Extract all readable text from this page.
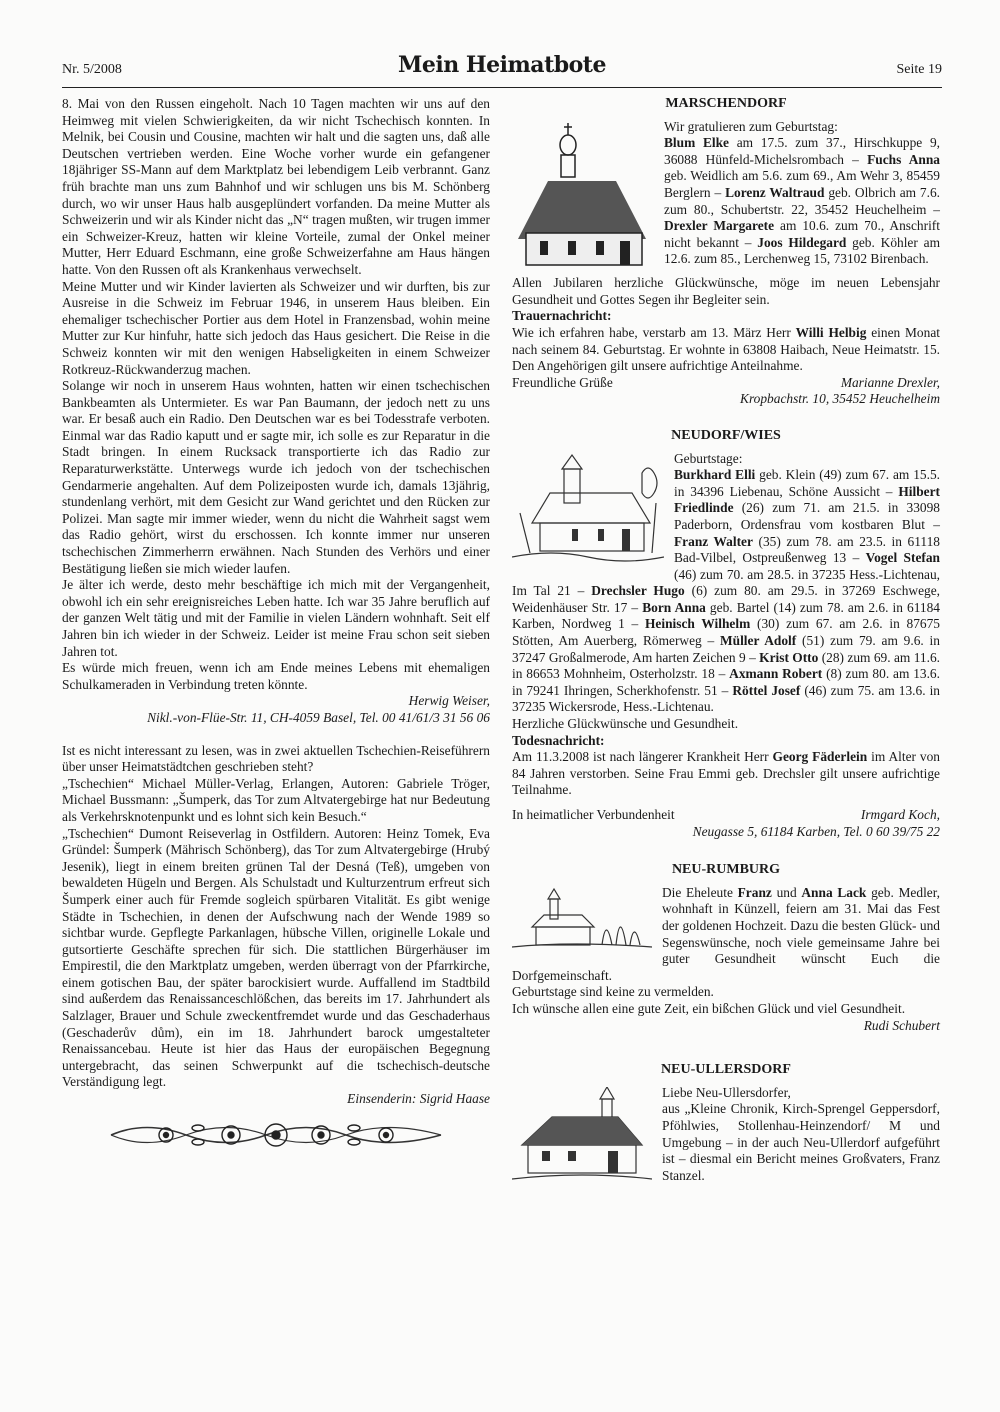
Nr. 5/2008	Mein Heimatbote	Seite 19

8. Mai von den Russen eingeholt. Nach 10 Tagen machten wir uns auf den Heimweg mit vielen Schwierigkeiten, da wir nicht Tschechisch konnten. In Melnik, bei Cousin und Cousine, machten wir halt und die sagten uns, daß alle Deutschen vertrieben werden. Eine Woche vorher wurde ein gefangener 18jähriger SS-Mann auf dem Marktplatz bei lebendigem Leib verbrannt. Ganz früh brachte man uns zum Bahnhof und wir schlugen uns bis M. Schönberg durch, wo wir unser Haus halb ausgeplündert vorfanden. Da meine Mutter als Schweizerin und wir als Kinder nicht das „N“ tragen mußten, wir trugen immer ein Schweizer-Kreuz, hatten wir kleine Vorteile, zumal der Onkel meiner Mutter, Herr Eduard Eschmann, eine große Schweizerfahne am Haus hängen hatte. Von den Russen oft als Krankenhaus verwechselt.

Meine Mutter und wir Kinder lavierten als Schweizer und wir durften, bis zur Ausreise in die Schweiz im Februar 1946, in unserem Haus bleiben. Ein ehemaliger tschechischer Portier aus dem Hotel in Franzensbad, wohin meine Mutter zur Kur hinfuhr, hatte sich jedoch das Haus gesichert. Die Reise in die Schweiz konnten wir mit den wenigen Habseligkeiten in einem Schweizer Rotkreuz-Rückwanderzug machen.

Solange wir noch in unserem Haus wohnten, hatten wir einen tschechischen Bankbeamten als Untermieter. Es war Pan Baumann, der jedoch nett zu uns war. Er besaß auch ein Radio. Den Deutschen war es bei Todesstrafe verboten. Einmal war das Radio kaputt und er sagte mir, ich solle es zur Reparatur in die Stadt bringen. In einem Rucksack transportierte ich das Radio zur Reparaturwerkstätte. Unterwegs wurde ich jedoch von der tschechischen Gendarmerie angehalten. Auf dem Polizeiposten wurde ich, damals 13jährig, stundenlang verhört, mit dem Gesicht zur Wand gerichtet und den Rücken zur Polizei. Man sagte mir immer wieder, wenn du nicht die Wahrheit sagst wem das Radio gehört, wirst du erschossen. Ich konnte immer nur unseren tschechischen Zimmerherrn erwähnen. Nach Stunden des Verhörs und einer Bestätigung ließen sie mich wieder laufen.

Je älter ich werde, desto mehr beschäftige ich mich mit der Vergangenheit, obwohl ich ein sehr ereignisreiches Leben hatte. Ich war 35 Jahre beruflich auf der ganzen Welt tätig und mit der Familie in vielen Ländern wohnhaft. Seit elf Jahren bin ich wieder in der Schweiz. Leider ist meine Frau schon seit sieben Jahren tot.

Es würde mich freuen, wenn ich am Ende meines Lebens mit ehemaligen Schulkameraden in Verbindung treten könnte.

Herwig Weiser,

Nikl.-von-Flüe-Str. 11, CH-4059 Basel, Tel. 00 41/61/3 31 56 06

Ist es nicht interessant zu lesen, was in zwei aktuellen Tschechien-Reiseführern über unser Heimatstädtchen geschrieben steht?

„Tschechien“ Michael Müller-Verlag, Erlangen, Autoren: Gabriele Tröger, Michael Bussmann: „Šumperk, das Tor zum Altvatergebirge hat nur Bedeutung als Verkehrsknotenpunkt und es lohnt sich kein Besuch.“

„Tschechien“ Dumont Reiseverlag in Ostfildern. Autoren: Heinz Tomek, Eva Gründel: Šumperk (Mährisch Schönberg), das Tor zum Altvatergebirge (Hrubý Jesenik), liegt in einem breiten grünen Tal der Desná (Teß), umgeben von bewaldeten Hügeln und Bergen. Als Schulstadt und Kulturzentrum erfreut sich Šumperk einer auch für Fremde sogleich spürbaren Vitalität. Es gibt wenige Städte in Tschechien, in denen der Aufschwung nach der Wende 1989 so sichtbar wurde. Gepflegte Parkanlagen, hübsche Villen, originelle Lokale und gutsortierte Geschäfte sprechen für sich. Die stattlichen Bürgerhäuser im Empirestil, die den Marktplatz umgeben, werden überragt von der Pfarrkirche, einem gotischen Bau, der später barockisiert wurde. Auffallend im Stadtbild sind außerdem das Renaissanceschlößchen, das bereits im 17. Jahrhundert als Salzlager, Brauer und Schule zweckentfremdet wurde und das Geschaderhaus (Geschaderův dům), ein im 18. Jahrhundert barock umgestalteter Renaissancebau. Heute ist hier das Haus der europäischen Begegnung untergebracht, das seinen Schwerpunkt auf die tschechisch-deutsche Verständigung legt.

Einsenderin: Sigrid Haase

MARSCHENDORF

Wir gratulieren zum Geburtstag:

Blum Elke am 17.5. zum 37., Hirschkuppe 9, 36088 Hünfeld-Michelsrombach – Fuchs Anna geb. Weidlich am 5.6. zum 69., Am Wehr 3, 85459 Berglern – Lorenz Waltraud geb. Olbrich am 7.6. zum 80., Schubertstr. 22, 35452 Heuchelheim – Drexler Margarete am 10.6. zum 70., Anschrift nicht bekannt – Joos Hildegard geb. Köhler am 12.6. zum 85., Lerchenweg 15, 73102 Birenbach.

Allen Jubilaren herzliche Glückwünsche, möge im neuen Lebensjahr Gesundheit und Gottes Segen ihr Begleiter sein.

Trauernachricht:

Wie ich erfahren habe, verstarb am 13. März Herr Willi Helbig einen Monat nach seinem 84. Geburtstag. Er wohnte in 63808 Haibach, Neue Heimatstr. 15. Den Angehörigen gilt unsere aufrichtige Anteilnahme.

Freundliche Grüße	Marianne Drexler,

Kropbachstr. 10, 35452 Heuchelheim

NEUDORF/WIES

Geburtstage:

Burkhard Elli geb. Klein (49) zum 67. am 15.5. in 34396 Liebenau, Schöne Aussicht – Hilbert Friedlinde (26) zum 71. am 21.5. in 33098 Paderborn, Ordensfrau vom kostbaren Blut – Franz Walter (35) zum 78. am 23.5. in 61118 Bad-Vilbel, Ostpreußenweg 13 – Vogel Stefan (46) zum 70. am 28.5. in 37235 Hess.-Lichtenau, Im Tal 21 – Drechsler Hugo (6) zum 80. am 29.5. in 37269 Eschwege, Weidenhäuser Str. 17 – Born Anna geb. Bartel (14) zum 78. am 2.6. in 61184 Karben, Nordweg 1 – Heinisch Wilhelm (30) zum 67. am 2.6. in 87675 Stötten, Am Auerberg, Römerweg – Müller Adolf (51) zum 79. am 9.6. in 37247 Großalmerode, Am harten Zeichen 9 – Krist Otto (28) zum 69. am 11.6. in 86653 Mohnheim, Osterholzstr. 18 – Axmann Robert (8) zum 80. am 13.6. in 79241 Ihringen, Scherkhofenstr. 51 – Röttel Josef (46) zum 75. am 13.6. in 37235 Wickersrode, Hess.-Lichtenau.

Herzliche Glückwünsche und Gesundheit.

Todesnachricht:

Am 11.3.2008 ist nach längerer Krankheit Herr Georg Fäderlein im Alter von 84 Jahren verstorben. Seine Frau Emmi geb. Drechsler gilt unsere aufrichtige Teilnahme.

In heimatlicher Verbundenheit	Irmgard Koch,

Neugasse 5, 61184 Karben, Tel. 0 60 39/75 22

NEU-RUMBURG

Die Eheleute Franz und Anna Lack geb. Medler, wohnhaft in Künzell, feiern am 31. Mai das Fest der goldenen Hochzeit. Dazu die besten Glück- und Segenswünsche, noch viele gemeinsame Jahre bei guter Gesundheit wünscht Euch die Dorfgemeinschaft.

Geburtstage sind keine zu vermelden.

Ich wünsche allen eine gute Zeit, ein bißchen Glück und viel Gesundheit.

Rudi Schubert

NEU-ULLERSDORF

Liebe Neu-Ullersdorfer,

aus „Kleine Chronik, Kirch-Sprengel Geppersdorf, Pföhlwies, Stollenhau-Heinzendorf/ M und Umgebung – in der auch Neu-Ullerdorf aufgeführt ist – diesmal ein Bericht meines Großvaters, Franz Stanzel.
